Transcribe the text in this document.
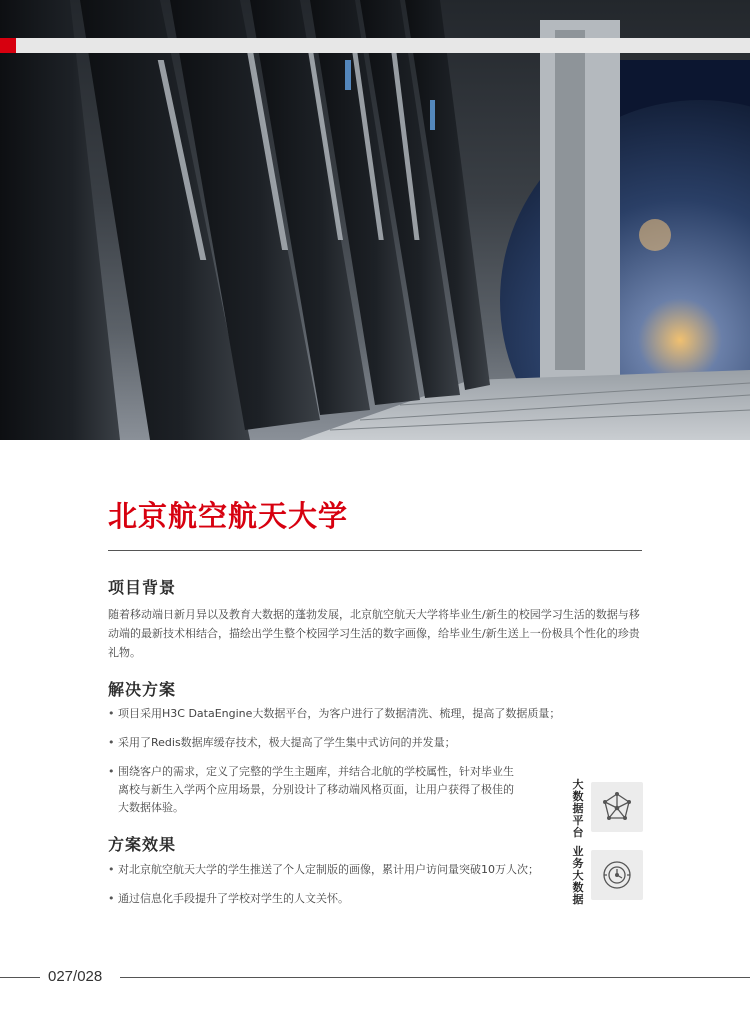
北京航空航天大学
项目背景

随着移动端日新月异以及教育大数据的蓬勃发展，北京航空航天大学将毕业生/新生的校园学习生活的数据与移动端的最新技术相结合，描绘出学生整个校园学习生活的数字画像，给毕业生/新生送上一份极具个性化的珍贵礼物。

解决方案

• 项目采用H3C DataEngine大数据平台，为客户进行了数据清洗、梳理，提高了数据质量；

• 采用了Redis数据库缓存技术，极大提高了学生集中式访问的并发量；

• 围绕客户的需求，定义了完整的学生主题库，并结合北航的学校属性，针对毕业生离校与新生入学两个应用场景，分别设计了移动端风格页面，让用户获得了极佳的大数据体验。

方案效果

• 对北京航空航天大学的学生推送了个人定制版的画像，累计用户访问量突破10万人次；

• 通过信息化手段提升了学校对学生的人文关怀。

大数据平台
业务大数据

027/028
